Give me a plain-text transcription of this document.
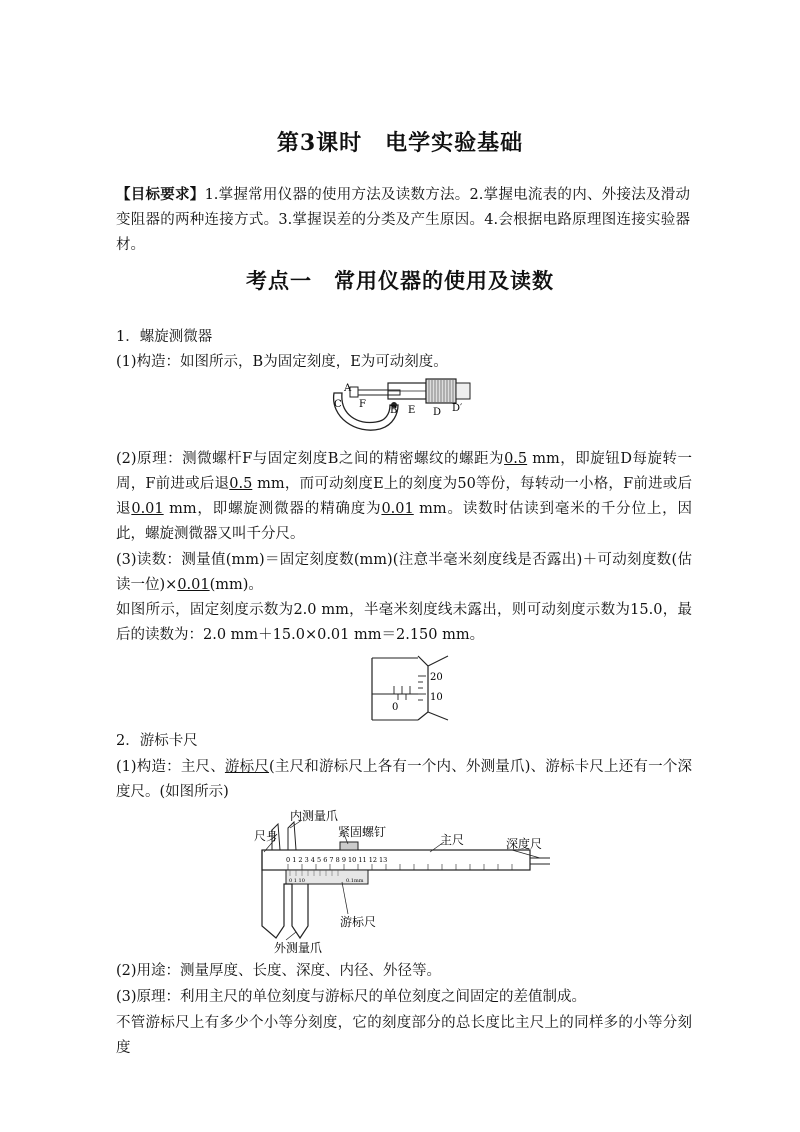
第3课时　电学实验基础
【目标要求】1.掌握常用仪器的使用方法及读数方法。2.掌握电流表的内、外接法及滑动变阻器的两种连接方式。3.掌握误差的分类及产生原因。4.会根据电路原理图连接实验器材。
考点一　常用仪器的使用及读数
1．螺旋测微器
(1)构造：如图所示，B为固定刻度，E为可动刻度。
A
F
C
B E D D′
(2)原理：测微螺杆F与固定刻度B之间的精密螺纹的螺距为0.5 mm，即旋钮D每旋转一周，F前进或后退0.5 mm，而可动刻度E上的刻度为50等份，每转动一小格，F前进或后退0.01 mm，即螺旋测微器的精确度为0.01 mm。读数时估读到毫米的千分位上，因此，螺旋测微器又叫千分尺。
(3)读数：测量值(mm)＝固定刻度数(mm)(注意半毫米刻度线是否露出)＋可动刻度数(估读一位)×0.01(mm)。
如图所示，固定刻度示数为2.0 mm，半毫米刻度线未露出，则可动刻度示数为15.0，最后的读数为：2.0 mm＋15.0×0.01 mm＝2.150 mm。
0
20
10
2．游标卡尺
(1)构造：主尺、游标尺(主尺和游标尺上各有一个内、外测量爪)、游标卡尺上还有一个深度尺。(如图所示)
0 1 2 3 4 5 6 7 8 9 10 11 12 13
0 1 10	0.1mm
内测量爪
尺身	紧固螺钉
主尺	深度尺
游标尺
外测量爪
(2)用途：测量厚度、长度、深度、内径、外径等。
(3)原理：利用主尺的单位刻度与游标尺的单位刻度之间固定的差值制成。
不管游标尺上有多少个小等分刻度，它的刻度部分的总长度比主尺上的同样多的小等分刻度
